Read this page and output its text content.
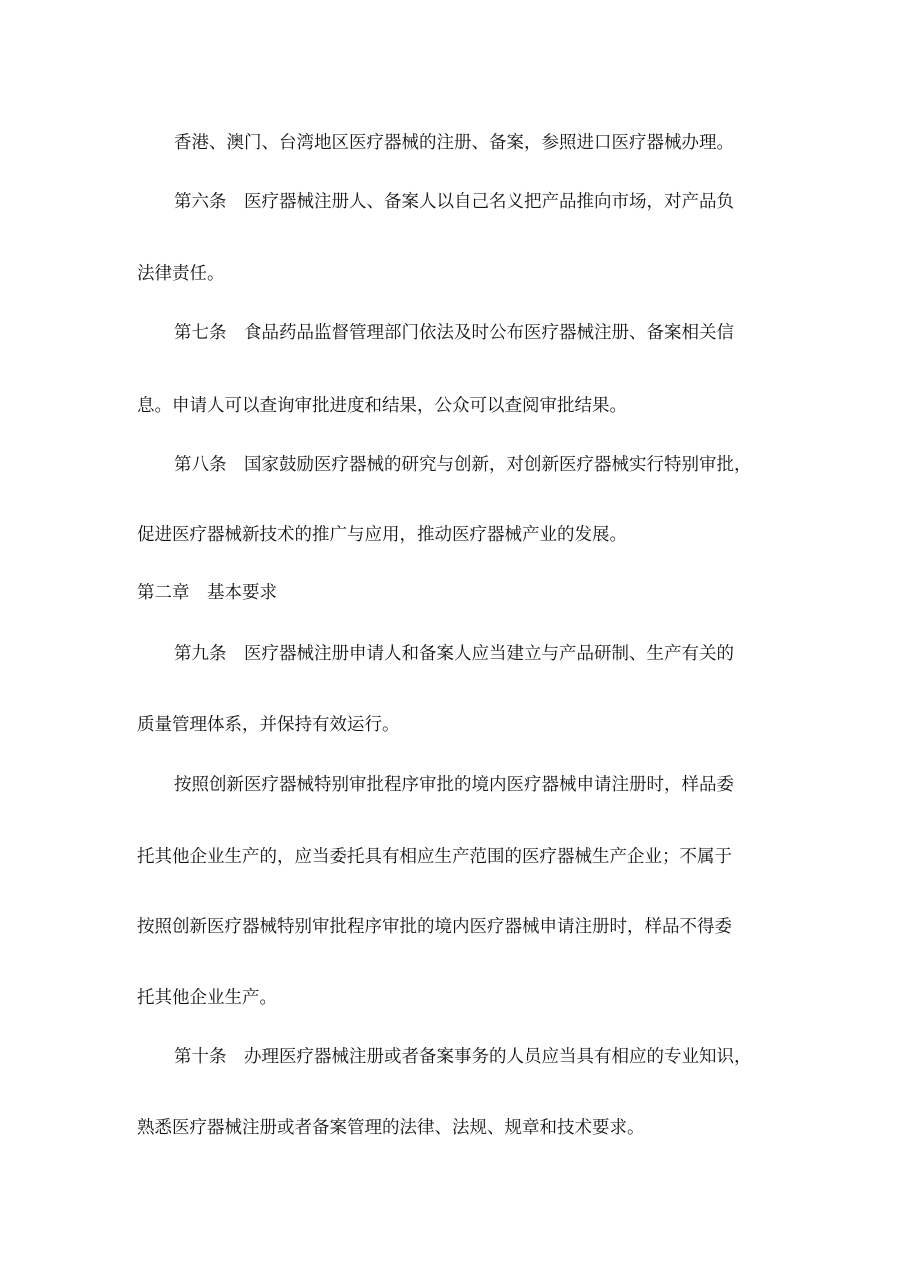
香港、澳门、台湾地区医疗器械的注册、备案，参照进口医疗器械办理。
第六条　医疗器械注册人、备案人以自己名义把产品推向市场，对产品负
法律责任。
第七条　食品药品监督管理部门依法及时公布医疗器械注册、备案相关信
息。申请人可以查询审批进度和结果，公众可以查阅审批结果。
第八条　国家鼓励医疗器械的研究与创新，对创新医疗器械实行特别审批，
促进医疗器械新技术的推广与应用，推动医疗器械产业的发展。
第二章　基本要求
第九条　医疗器械注册申请人和备案人应当建立与产品研制、生产有关的
质量管理体系，并保持有效运行。
按照创新医疗器械特别审批程序审批的境内医疗器械申请注册时，样品委
托其他企业生产的，应当委托具有相应生产范围的医疗器械生产企业；不属于
按照创新医疗器械特别审批程序审批的境内医疗器械申请注册时，样品不得委
托其他企业生产。
第十条　办理医疗器械注册或者备案事务的人员应当具有相应的专业知识，
熟悉医疗器械注册或者备案管理的法律、法规、规章和技术要求。
